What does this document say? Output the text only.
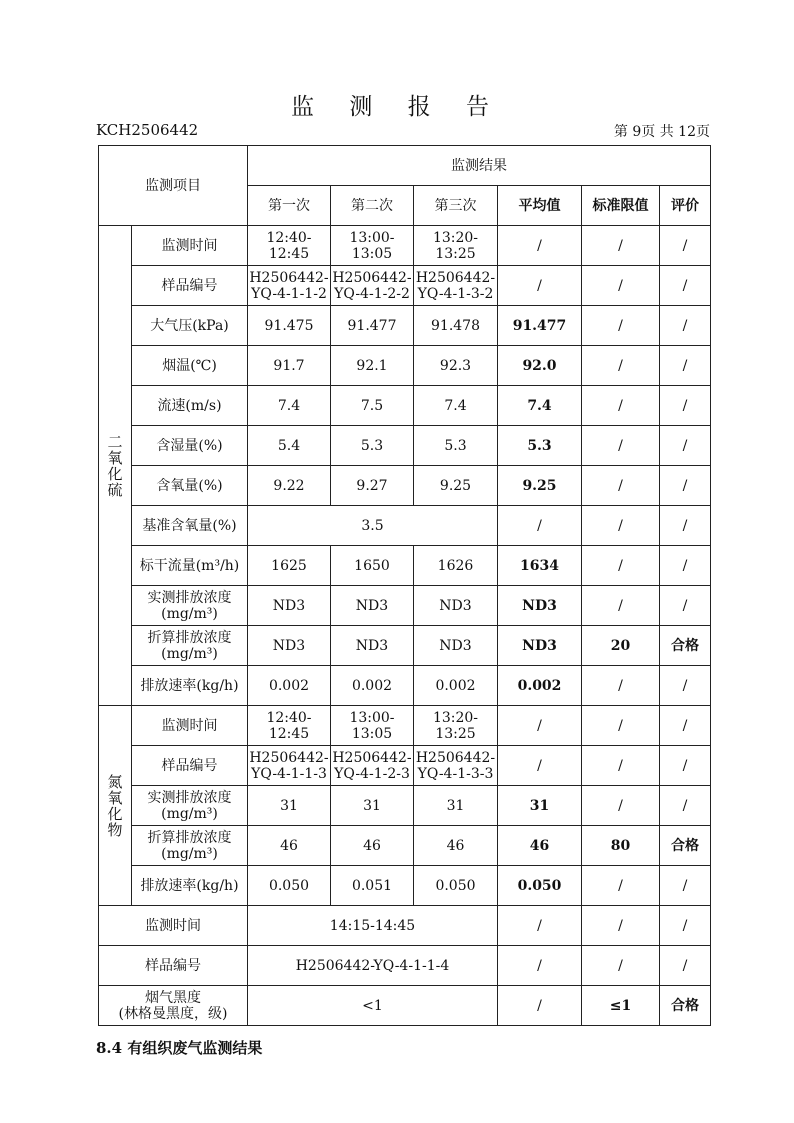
监 测 报 告
KCH2506442	第 9页 共 12页
监测项目		监测结果					
		第一次	第二次	第三次	平均值	标准限值	评价

二
氧
化
硫	监测时间	12:40-12:45	13:00-13:05	13:20-13:25	/	/	/
	样品编号	H2506442-
YQ-4-1-1-2	H2506442-
YQ-4-1-2-2	H2506442-
YQ-4-1-3-2	/	/	/
	大气压(kPa)	91.475	91.477	91.478	91.477	/	/
	烟温(℃)	91.7	92.1	92.3	92.0	/	/
	流速(m/s)	7.4	7.5	7.4	7.4	/	/
	含湿量(%)	5.4	5.3	5.3	5.3	/	/
	含氧量(%)	9.22	9.27	9.25	9.25	/	/
	基准含氧量(%)	3.5			/	/	/
	标干流量(m³/h)	1625	1650	1626	1634	/	/
	实测排放浓度
(mg/m³)	ND3	ND3	ND3	ND3	/	/
	折算排放浓度
(mg/m³)	ND3	ND3	ND3	ND3	20	合格
	排放速率(kg/h)	0.002	0.002	0.002	0.002	/	/

氮
氧
化
物	监测时间	12:40-12:45	13:00-13:05	13:20-13:25	/	/	/
	样品编号	H2506442-
YQ-4-1-1-3	H2506442-
YQ-4-1-2-3	H2506442-
YQ-4-1-3-3	/	/	/
	实测排放浓度
(mg/m³)	31	31	31	31	/	/
	折算排放浓度
(mg/m³)	46	46	46	46	80	合格
	排放速率(kg/h)	0.050	0.051	0.050	0.050	/	/
监测时间		14:15-14:45			/	/	/
样品编号		H2506442-YQ-4-1-1-4			/	/	/
烟气黑度
(林格曼黑度，级)		<1			/	≤1	合格
8.4 有组织废气监测结果
